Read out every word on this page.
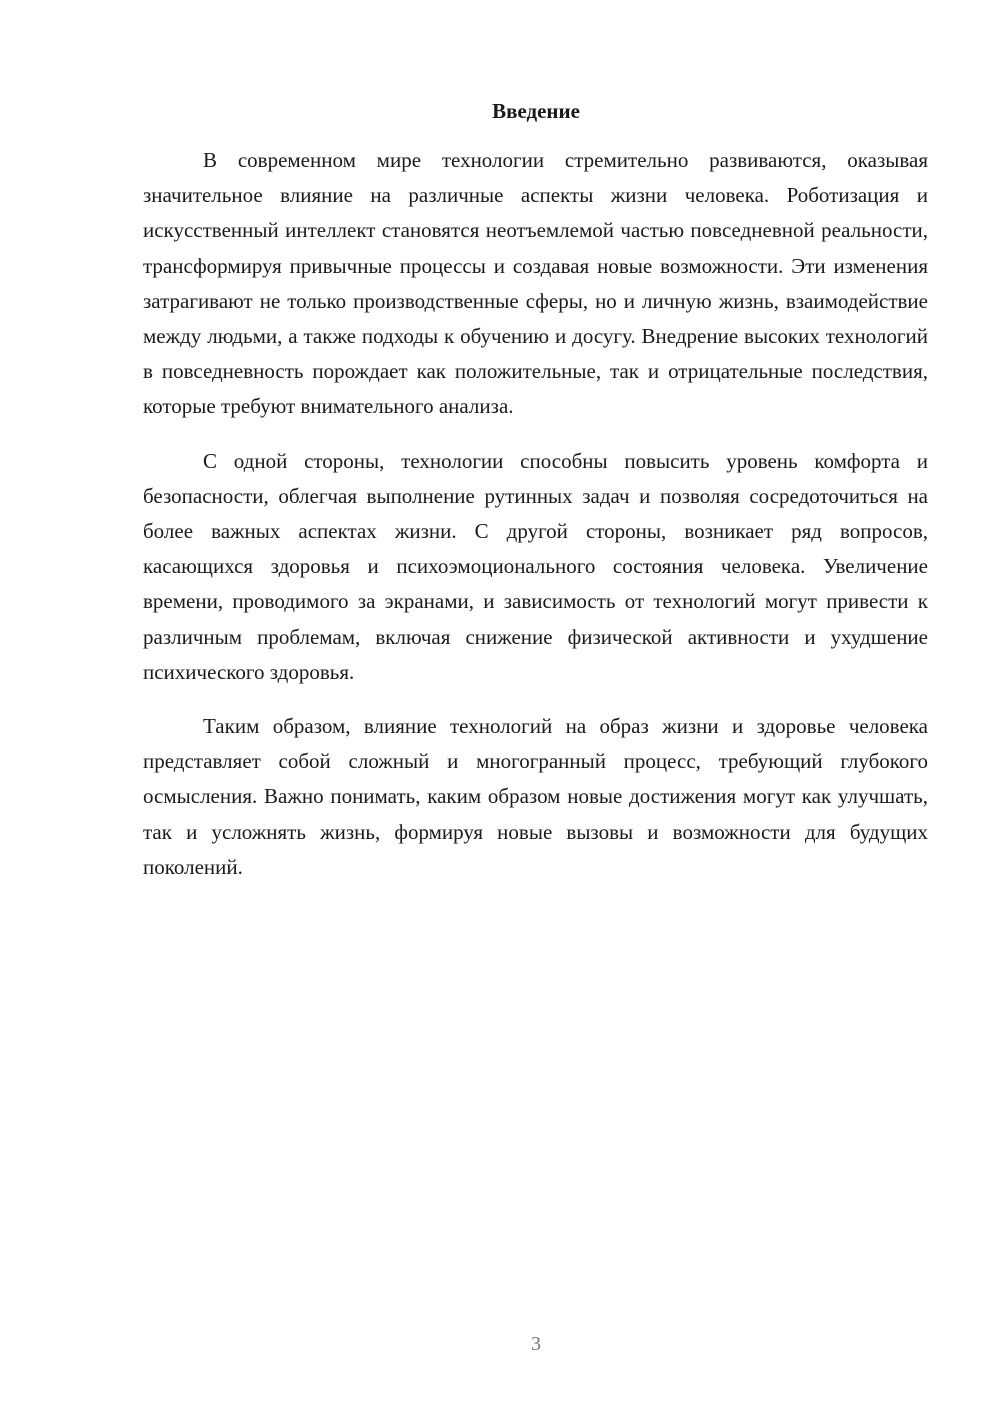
Введение

В современном мире технологии стремительно развиваются, оказывая значительное влияние на различные аспекты жизни человека. Роботизация и искусственный интеллект становятся неотъемлемой частью повседневной реальности, трансформируя привычные процессы и создавая новые возможности. Эти изменения затрагивают не только производственные сферы, но и личную жизнь, взаимодействие между людьми, а также подходы к обучению и досугу. Внедрение высоких технологий в повседневность порождает как положительные, так и отрицательные последствия, которые требуют внимательного анализа.

С одной стороны, технологии способны повысить уровень комфорта и безопасности, облегчая выполнение рутинных задач и позволяя сосредоточиться на более важных аспектах жизни. С другой стороны, возникает ряд вопросов, касающихся здоровья и психоэмоционального состояния человека. Увеличение времени, проводимого за экранами, и зависимость от технологий могут привести к различным проблемам, включая снижение физической активности и ухудшение психического здоровья.

Таким образом, влияние технологий на образ жизни и здоровье человека представляет собой сложный и многогранный процесс, требующий глубокого осмысления. Важно понимать, каким образом новые достижения могут как улучшать, так и усложнять жизнь, формируя новые вызовы и возможности для будущих поколений.

3
